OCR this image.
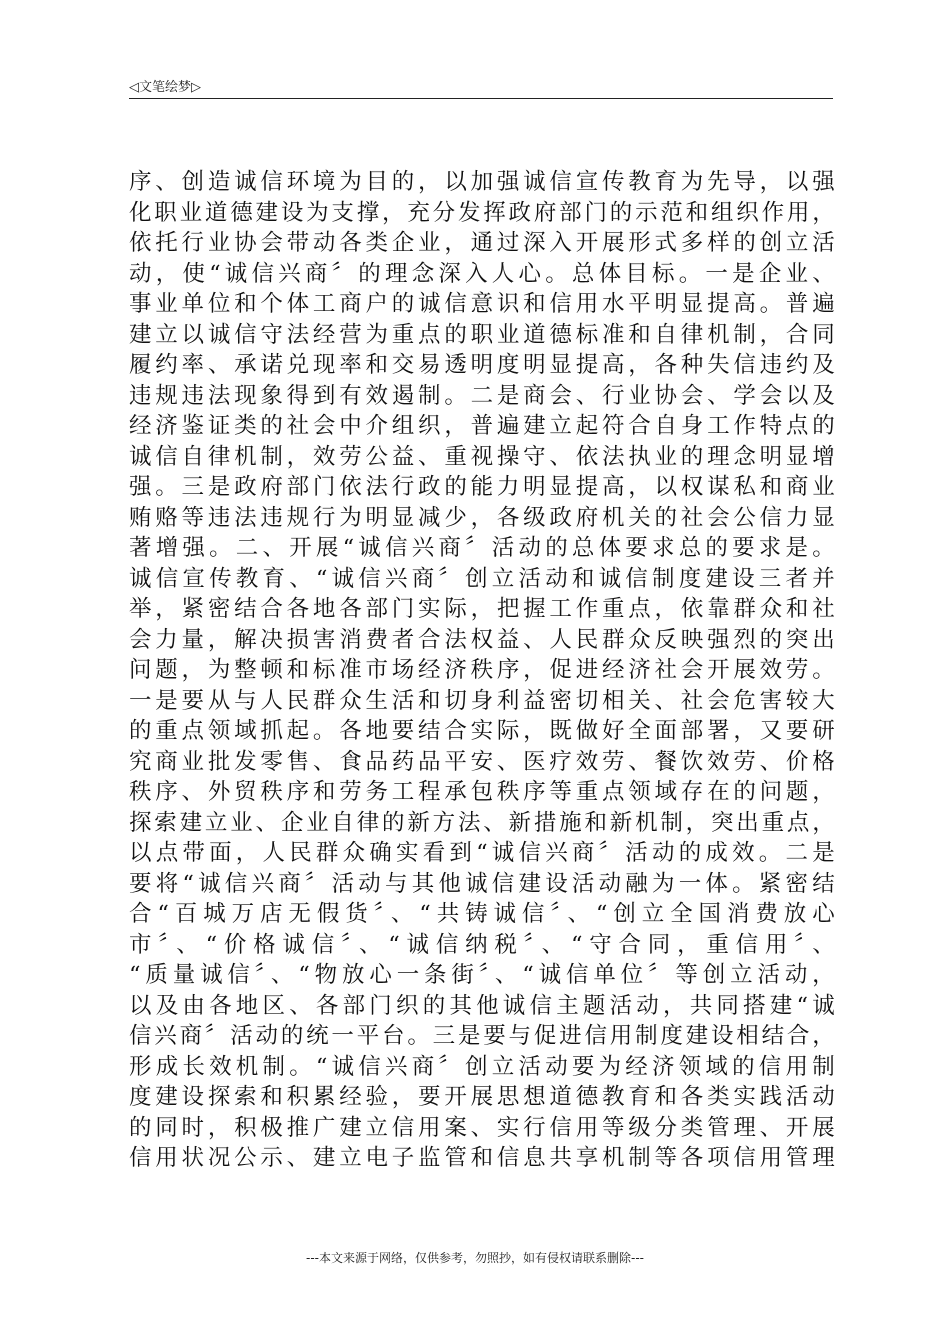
◁文笔绘梦▷
序、创造诚信环境为目的，以加强诚信宣传教育为先导，以强
化职业道德建设为支撑，充分发挥政府部门的示范和组织作用，
依托行业协会带动各类企业，通过深入开展形式多样的创立活
动，使“诚信兴商〞的理念深入人心。总体目标。一是企业、
事业单位和个体工商户的诚信意识和信用水平明显提高。普遍
建立以诚信守法经营为重点的职业道德标准和自律机制，合同
履约率、承诺兑现率和交易透明度明显提高，各种失信违约及
违规违法现象得到有效遏制。二是商会、行业协会、学会以及
经济鉴证类的社会中介组织，普遍建立起符合自身工作特点的
诚信自律机制，效劳公益、重视操守、依法执业的理念明显增
强。三是政府部门依法行政的能力明显提高，以权谋私和商业
贿赂等违法违规行为明显减少，各级政府机关的社会公信力显
著增强。二、开展“诚信兴商〞活动的总体要求总的要求是。
诚信宣传教育、“诚信兴商〞创立活动和诚信制度建设三者并
举，紧密结合各地各部门实际，把握工作重点，依靠群众和社
会力量，解决损害消费者合法权益、人民群众反映强烈的突出
问题，为整顿和标准市场经济秩序，促进经济社会开展效劳。
一是要从与人民群众生活和切身利益密切相关、社会危害较大
的重点领域抓起。各地要结合实际，既做好全面部署，又要研
究商业批发零售、食品药品平安、医疗效劳、餐饮效劳、价格
秩序、外贸秩序和劳务工程承包秩序等重点领域存在的问题，
探索建立业、企业自律的新方法、新措施和新机制，突出重点，
以点带面，人民群众确实看到“诚信兴商〞活动的成效。二是
要将“诚信兴商〞活动与其他诚信建设活动融为一体。紧密结
合“百城万店无假货〞、“共铸诚信〞、“创立全国消费放心
市〞、“价格诚信〞、“诚信纳税〞、“守合同，重信用〞、
“质量诚信〞、“物放心一条街〞、“诚信单位〞等创立活动，
以及由各地区、各部门织的其他诚信主题活动，共同搭建“诚
信兴商〞活动的统一平台。三是要与促进信用制度建设相结合，
形成长效机制。“诚信兴商〞创立活动要为经济领域的信用制
度建设探索和积累经验，要开展思想道德教育和各类实践活动
的同时，积极推广建立信用案、实行信用等级分类管理、开展
信用状况公示、建立电子监管和信息共享机制等各项信用管理
---本文来源于网络，仅供参考，勿照抄，如有侵权请联系删除---
